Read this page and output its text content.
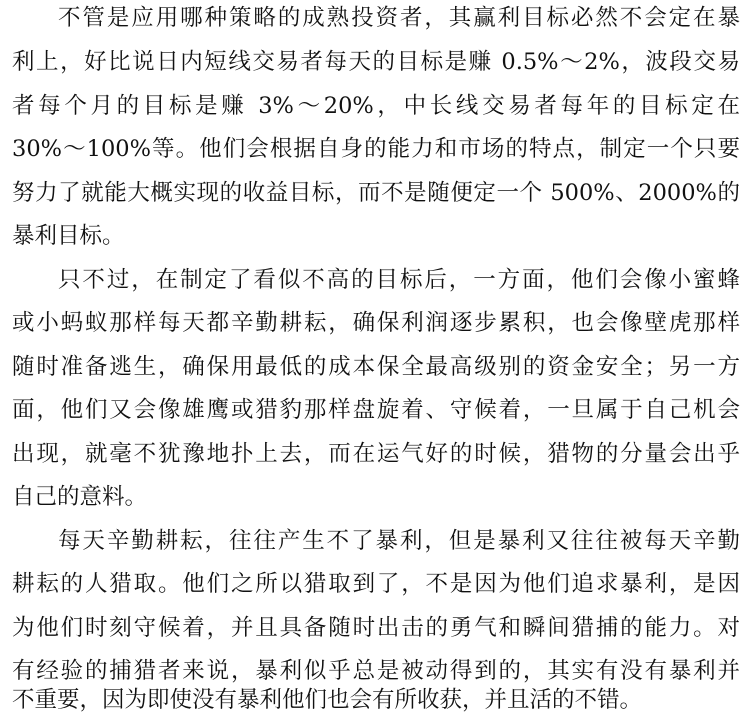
不管是应用哪种策略的成熟投资者，其赢利目标必然不会定在暴
利上，好比说日内短线交易者每天的目标是赚 0.5%～2%，波段交易
者每个月的目标是赚 3%～20%，中长线交易者每年的目标定在
30%～100%等。他们会根据自身的能力和市场的特点，制定一个只要
努力了就能大概实现的收益目标，而不是随便定一个 500%、2000%的
暴利目标。
只不过，在制定了看似不高的目标后，一方面，他们会像小蜜蜂
或小蚂蚁那样每天都辛勤耕耘，确保利润逐步累积，也会像壁虎那样
随时准备逃生，确保用最低的成本保全最高级别的资金安全；另一方
面，他们又会像雄鹰或猎豹那样盘旋着、守候着，一旦属于自己机会
出现，就毫不犹豫地扑上去，而在运气好的时候，猎物的分量会出乎
自己的意料。
每天辛勤耕耘，往往产生不了暴利，但是暴利又往往被每天辛勤
耕耘的人猎取。他们之所以猎取到了，不是因为他们追求暴利，是因
为他们时刻守候着，并且具备随时出击的勇气和瞬间猎捕的能力。对
有经验的捕猎者来说，暴利似乎总是被动得到的，其实有没有暴利并
不重要，因为即使没有暴利他们也会有所收获，并且活的不错。
